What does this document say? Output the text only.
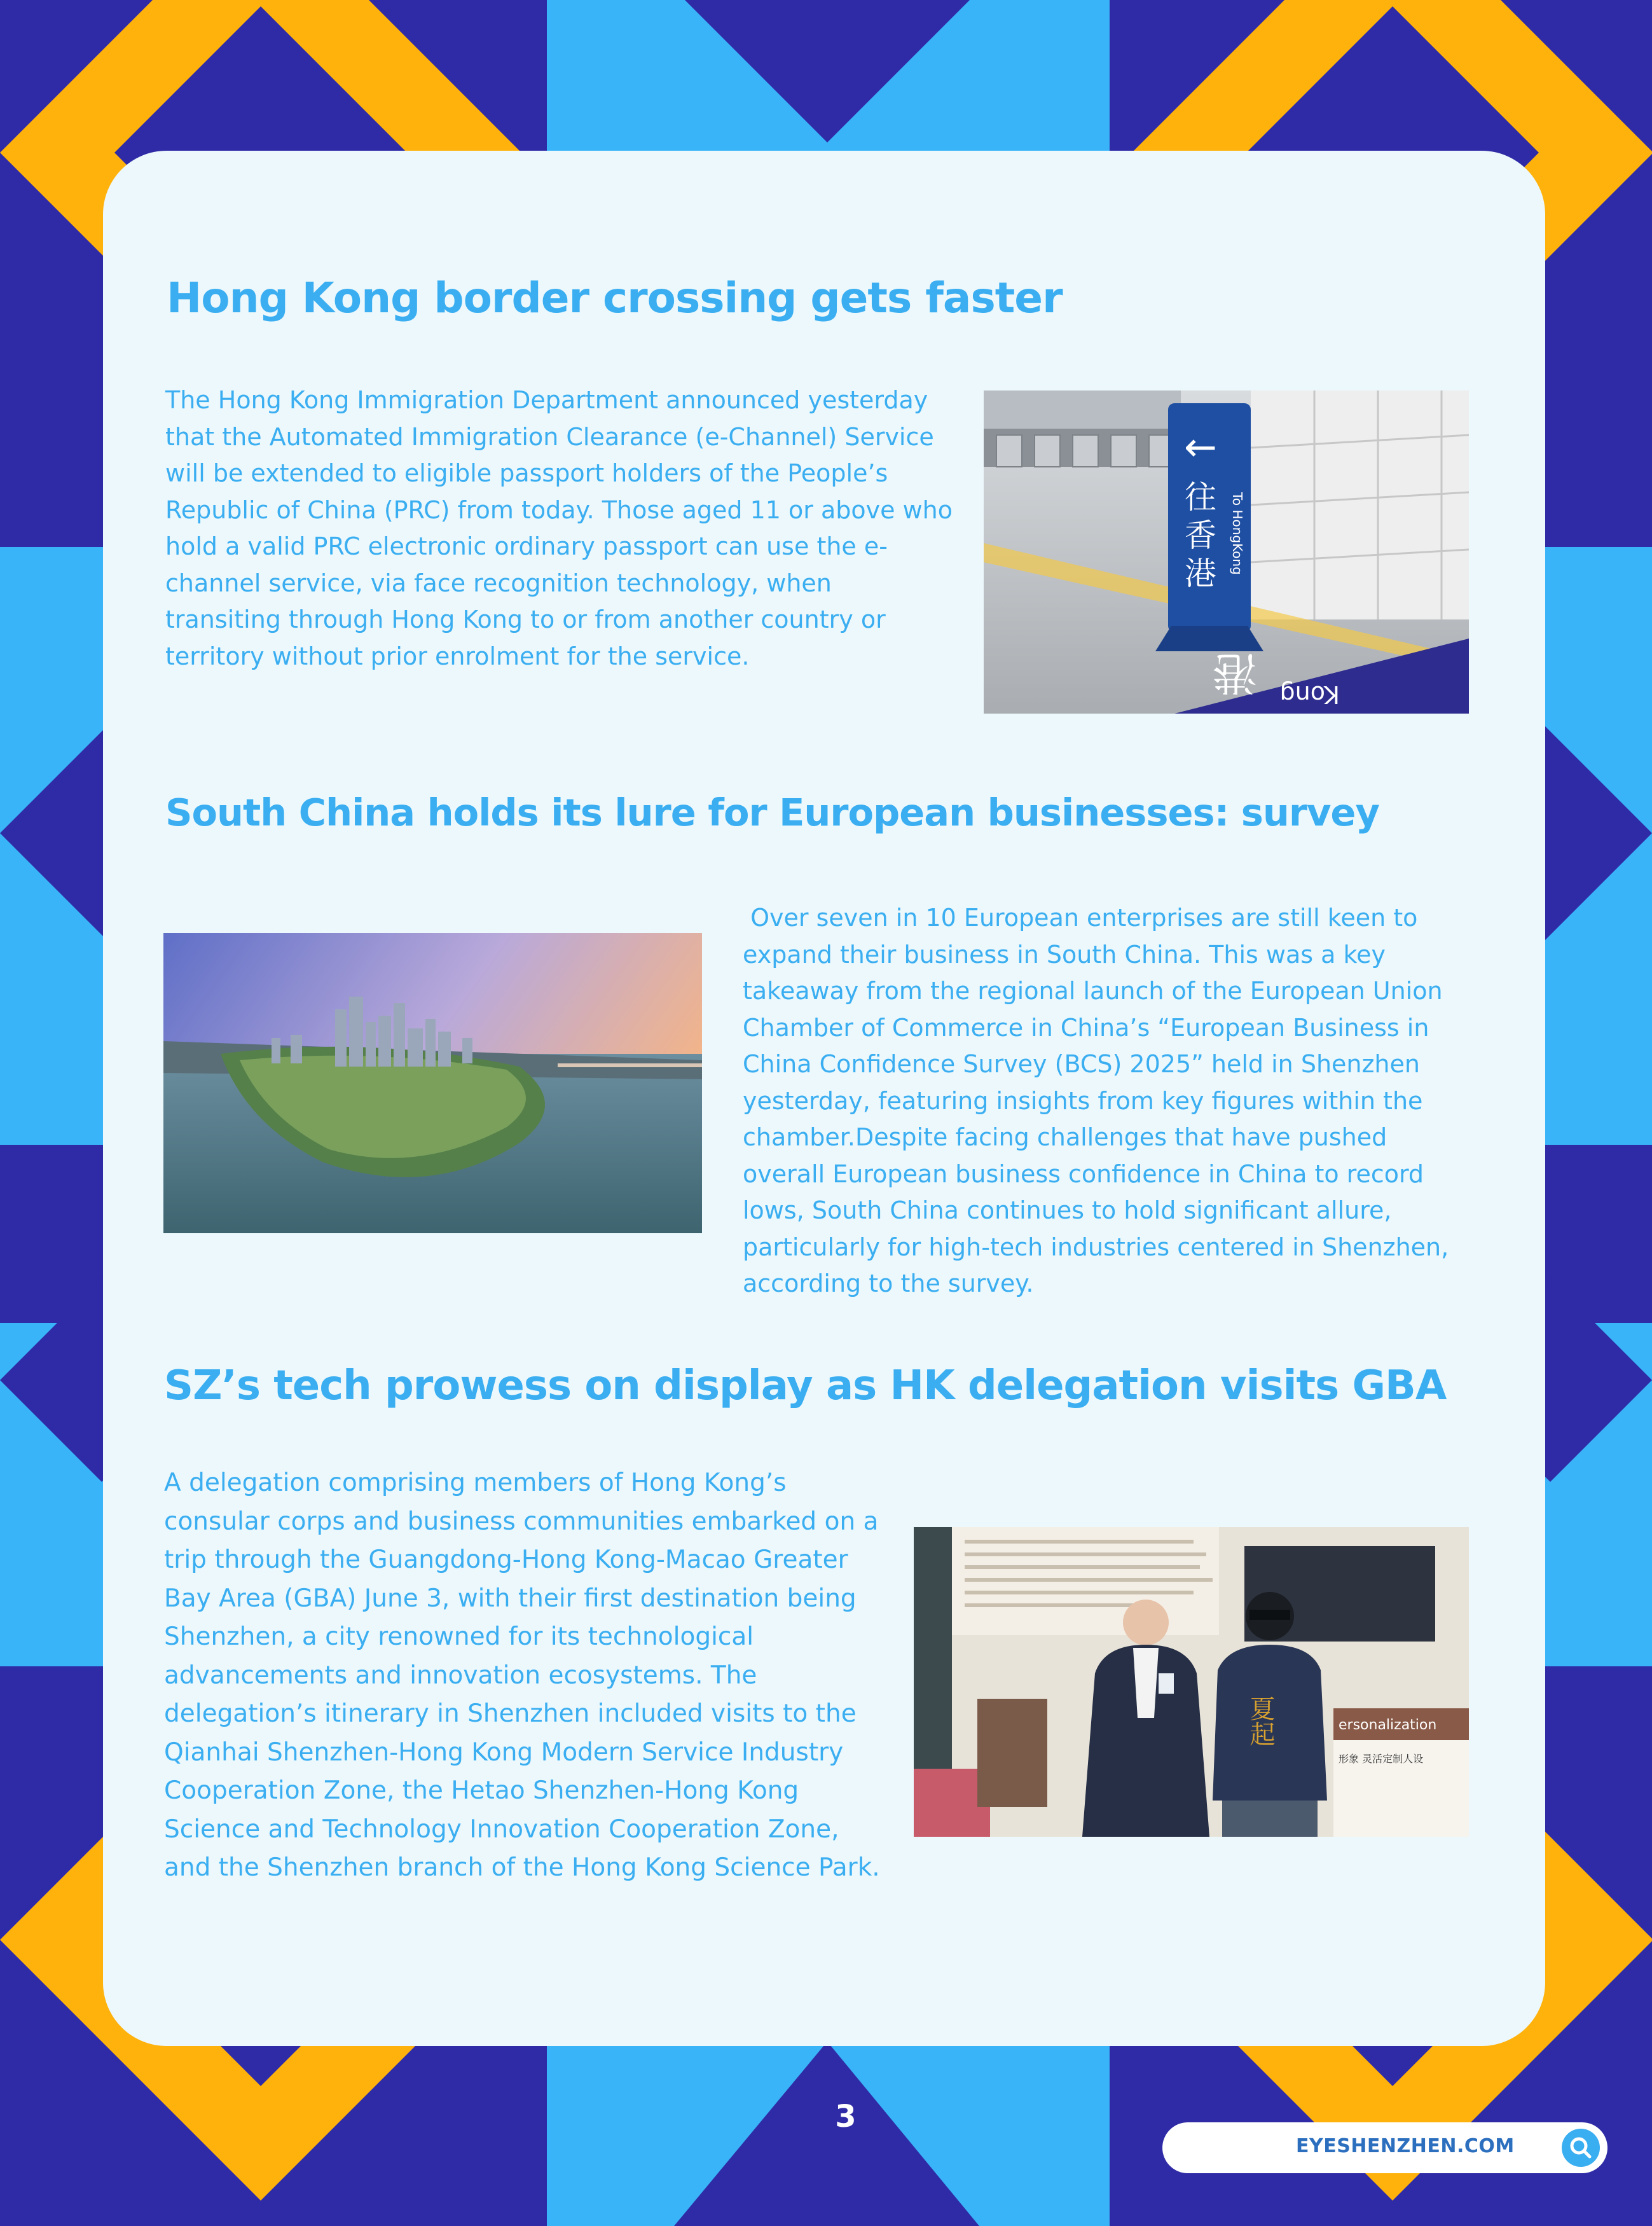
Hong Kong border crossing gets faster

The Hong Kong Immigration Department announced yesterday that the Automated Immigration Clearance (e-Channel) Service will be extended to eligible passport holders of the People’s Republic of China (PRC) from today. Those aged 11 or above who hold a valid PRC electronic ordinary passport can use the e-channel service, via face recognition technology, when transiting through Hong Kong to or from another country or territory without prior enrolment for the service.

←
往
香
港 To HongKong
港 Kong
South China holds its lure for European businesses: survey

Over seven in 10 European enterprises are still keen to expand their business in South China. This was a key takeaway from the regional launch of the European Union Chamber of Commerce in China’s “European Business in China Confidence Survey (BCS) 2025” held in Shenzhen yesterday, featuring insights from key figures within the chamber.Despite facing challenges that have pushed overall European business confidence in China to record lows, South China continues to hold significant allure, particularly for high-tech industries centered in Shenzhen, according to the survey.

SZ’s tech prowess on display as HK delegation visits GBA

A delegation comprising members of Hong Kong’s consular corps and business communities embarked on a trip through the Guangdong-Hong Kong-Macao Greater Bay Area (GBA) June 3, with their first destination being Shenzhen, a city renowned for its technological advancements and innovation ecosystems. The delegation’s itinerary in Shenzhen included visits to the Qianhai Shenzhen-Hong Kong Modern Service Industry Cooperation Zone, the Hetao Shenzhen-Hong Kong Science and Technology Innovation Cooperation Zone, and the Shenzhen branch of the Hong Kong Science Park.

ersonalization
形象 灵活定制人设
夏起
3
EYESHENZHEN.COM
